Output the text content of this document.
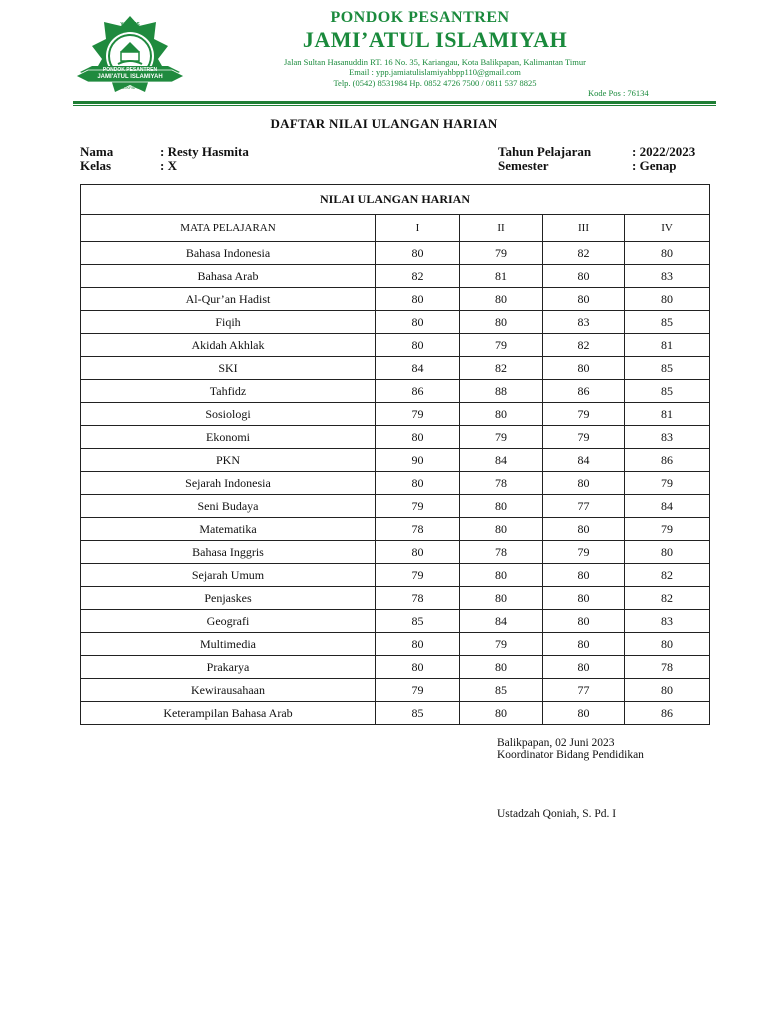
YAJIMIS
PONDOK PESANTREN
JAMI'ATUL ISLAMIYAH
BALIKPAPAN
PONDOK PESANTREN
JAMI’ATUL ISLAMIYAH
Jalan Sultan Hasanuddin RT. 16 No. 35, Kariangau, Kota Balikpapan, Kalimantan Timur
Email : ypp.jamiatulislamiyahbpp110@gmail.com
Telp. (0542) 8531984 Hp. 0852 4726 7500 / 0811 537 8825
Kode Pos : 76134
DAFTAR NILAI ULANGAN HARIAN
Nama	: Resty Hasmita
Kelas	: X
Tahun Pelajaran	: 2022/2023
Semester	: Genap
NILAI ULANGAN HARIAN				
MATA PELAJARAN	I	II	III	IV
Bahasa Indonesia	80	79	82	80
Bahasa Arab	82	81	80	83
Al-Qur’an Hadist	80	80	80	80
Fiqih	80	80	83	85
Akidah Akhlak	80	79	82	81
SKI	84	82	80	85
Tahfidz	86	88	86	85
Sosiologi	79	80	79	81
Ekonomi	80	79	79	83
PKN	90	84	84	86
Sejarah Indonesia	80	78	80	79
Seni Budaya	79	80	77	84
Matematika	78	80	80	79
Bahasa Inggris	80	78	79	80
Sejarah Umum	79	80	80	82
Penjaskes	78	80	80	82
Geografi	85	84	80	83
Multimedia	80	79	80	80
Prakarya	80	80	80	78
Kewirausahaan	79	85	77	80
Keterampilan Bahasa Arab	85	80	80	86
Balikpapan, 02 Juni 2023
Koordinator Bidang Pendidikan
Ustadzah Qoniah, S. Pd. I
